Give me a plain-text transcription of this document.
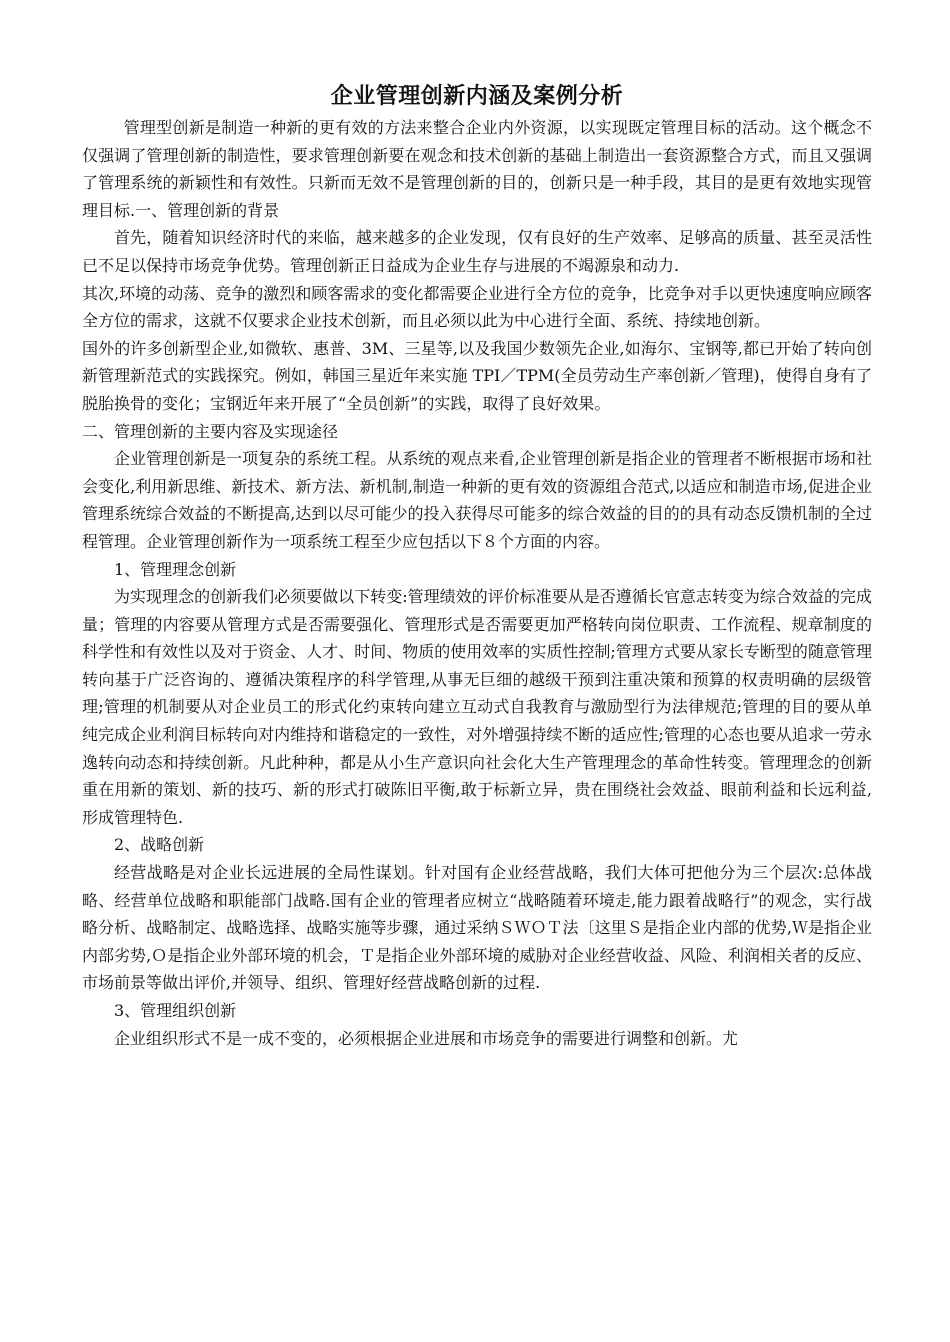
企业管理创新内涵及案例分析

管理型创新是制造一种新的更有效的方法来整合企业内外资源，以实现既定管理目标的活动。这个概念不仅强调了管理创新的制造性，要求管理创新要在观念和技术创新的基础上制造出一套资源整合方式，而且又强调了管理系统的新颖性和有效性。只新而无效不是管理创新的目的，创新只是一种手段，其目的是更有效地实现管理目标.一、管理创新的背景

首先，随着知识经济时代的来临，越来越多的企业发现，仅有良好的生产效率、足够高的质量、甚至灵活性已不足以保持市场竞争优势。管理创新正日益成为企业生存与进展的不竭源泉和动力.

其次,环境的动荡、竞争的激烈和顾客需求的变化都需要企业进行全方位的竞争，比竞争对手以更快速度响应顾客全方位的需求，这就不仅要求企业技术创新，而且必须以此为中心进行全面、系统、持续地创新。

国外的许多创新型企业,如微软、惠普、3M、三星等,以及我国少数领先企业,如海尔、宝钢等,都已开始了转向创新管理新范式的实践探究。例如，韩国三星近年来实施 TPI／TPM(全员劳动生产率创新／管理)，使得自身有了脱胎换骨的变化；宝钢近年来开展了“全员创新”的实践，取得了良好效果。

二、管理创新的主要内容及实现途径

企业管理创新是一项复杂的系统工程。从系统的观点来看,企业管理创新是指企业的管理者不断根据市场和社会变化,利用新思维、新技术、新方法、新机制,制造一种新的更有效的资源组合范式,以适应和制造市场,促进企业管理系统综合效益的不断提高,达到以尽可能少的投入获得尽可能多的综合效益的目的的具有动态反馈机制的全过程管理。企业管理创新作为一项系统工程至少应包括以下８个方面的内容。

1、管理理念创新

为实现理念的创新我们必须要做以下转变:管理绩效的评价标准要从是否遵循长官意志转变为综合效益的完成量；管理的内容要从管理方式是否需要强化、管理形式是否需要更加严格转向岗位职责、工作流程、规章制度的科学性和有效性以及对于资金、人才、时间、物质的使用效率的实质性控制;管理方式要从家长专断型的随意管理转向基于广泛咨询的、遵循决策程序的科学管理,从事无巨细的越级干预到注重决策和预算的权责明确的层级管理;管理的机制要从对企业员工的形式化约束转向建立互动式自我教育与激励型行为法律规范;管理的目的要从单纯完成企业利润目标转向对内维持和谐稳定的一致性，对外增强持续不断的适应性;管理的心态也要从追求一劳永逸转向动态和持续创新。凡此种种，都是从小生产意识向社会化大生产管理理念的革命性转变。管理理念的创新重在用新的策划、新的技巧、新的形式打破陈旧平衡,敢于标新立异，贵在围绕社会效益、眼前利益和长远利益,形成管理特色.

2、战略创新

经营战略是对企业长远进展的全局性谋划。针对国有企业经营战略，我们大体可把他分为三个层次:总体战略、经营单位战略和职能部门战略.国有企业的管理者应树立“战略随着环境走,能力跟着战略行”的观念，实行战略分析、战略制定、战略选择、战略实施等步骤，通过采纳ＳＷＯＴ法〔这里Ｓ是指企业内部的优势,Ｗ是指企业内部劣势,Ｏ是指企业外部环境的机会，Ｔ是指企业外部环境的威胁对企业经营收益、风险、利润相关者的反应、市场前景等做出评价,并领导、组织、管理好经营战略创新的过程.

3、管理组织创新

企业组织形式不是一成不变的，必须根据企业进展和市场竞争的需要进行调整和创新。尤
